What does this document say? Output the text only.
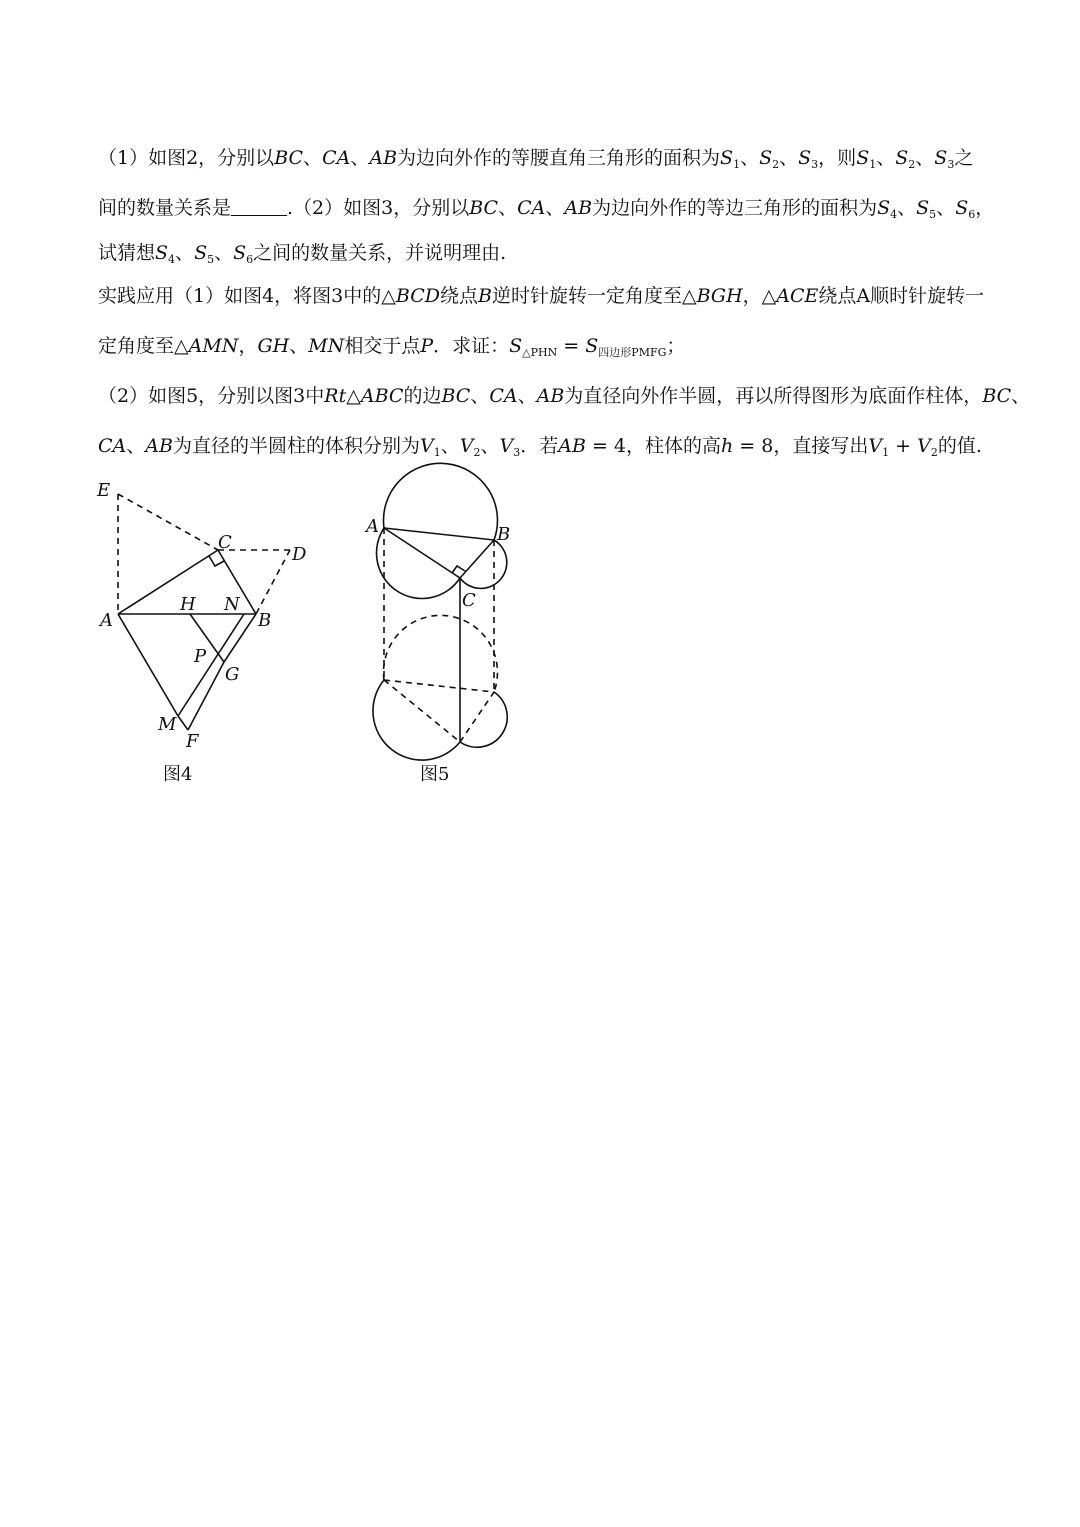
（1）如图2，分别以BC、CA、AB为边向外作的等腰直角三角形的面积为$S_1$、$S_2$、$S_3$，则$S_1$、$S_2$、$S_3$之
间的数量关系是	.（2）如图3，分别以BC、CA、AB为边向外作的等边三角形的面积为$S_4$、$S_5$、$S_6$，
试猜想$S_4$、$S_5$、$S_6$之间的数量关系，并说明理由.
实践应用（1）如图4，将图3中的△BCD绕点B逆时针旋转一定角度至△BGH，△ACE绕点A顺时针旋转一
定角度至△AMN，GH、MN相交于点P．求证：$S_{\triangle PHN} = S_{四边形PMFG}$；
（2）如图5，分别以图3中Rt△ABC的边BC、CA、AB为直径向外作半圆，再以所得图形为底面作柱体，BC、
CA、AB为直径的半圆柱的体积分别为$V_1$、$V_2$、$V_3$．若AB = 4，柱体的高h = 8，直接写出$V_1 + V_2$的值.
E
C
D
A
H N
B
P
G
M
F
图4
A	B
C
图5
